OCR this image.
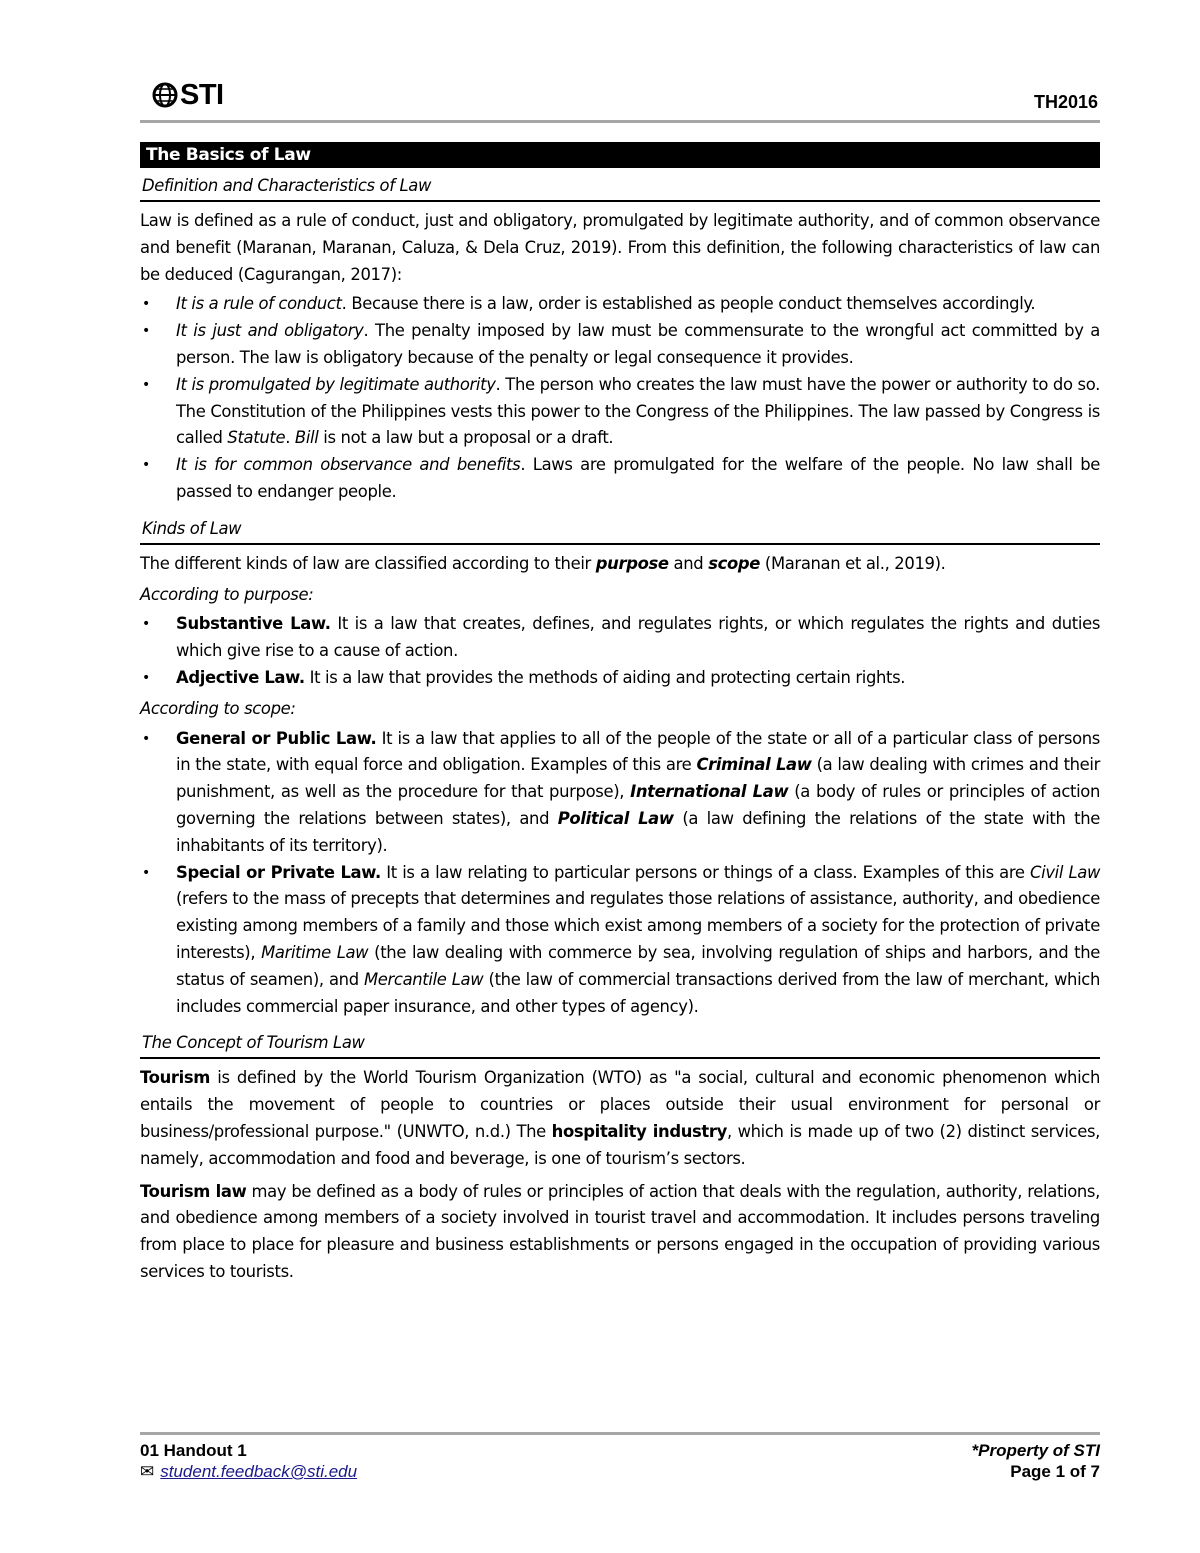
STI	TH2016
The Basics of Law
Definition and Characteristics of Law

Law is defined as a rule of conduct, just and obligatory, promulgated by legitimate authority, and of common observance and benefit (Maranan, Maranan, Caluza, & Dela Cruz, 2019). From this definition, the following characteristics of law can be deduced (Cagurangan, 2017):

• It is a rule of conduct. Because there is a law, order is established as people conduct themselves accordingly.
• It is just and obligatory. The penalty imposed by law must be commensurate to the wrongful act committed by a person. The law is obligatory because of the penalty or legal consequence it provides.
• It is promulgated by legitimate authority. The person who creates the law must have the power or authority to do so. The Constitution of the Philippines vests this power to the Congress of the Philippines. The law passed by Congress is called Statute. Bill is not a law but a proposal or a draft.
• It is for common observance and benefits. Laws are promulgated for the welfare of the people. No law shall be passed to endanger people.
Kinds of Law

The different kinds of law are classified according to their purpose and scope (Maranan et al., 2019).

According to purpose:
• Substantive Law. It is a law that creates, defines, and regulates rights, or which regulates the rights and duties which give rise to a cause of action.
• Adjective Law. It is a law that provides the methods of aiding and protecting certain rights.
According to scope:
• General or Public Law. It is a law that applies to all of the people of the state or all of a particular class of persons in the state, with equal force and obligation. Examples of this are Criminal Law (a law dealing with crimes and their punishment, as well as the procedure for that purpose), International Law (a body of rules or principles of action governing the relations between states), and Political Law (a law defining the relations of the state with the inhabitants of its territory).
• Special or Private Law. It is a law relating to particular persons or things of a class. Examples of this are Civil Law (refers to the mass of precepts that determines and regulates those relations of assistance, authority, and obedience existing among members of a family and those which exist among members of a society for the protection of private interests), Maritime Law (the law dealing with commerce by sea, involving regulation of ships and harbors, and the status of seamen), and Mercantile Law (the law of commercial transactions derived from the law of merchant, which includes commercial paper insurance, and other types of agency).
The Concept of Tourism Law

Tourism is defined by the World Tourism Organization (WTO) as "a social, cultural and economic phenomenon which entails the movement of people to countries or places outside their usual environment for personal or business/professional purpose." (UNWTO, n.d.) The hospitality industry, which is made up of two (2) distinct services, namely, accommodation and food and beverage, is one of tourism’s sectors.

Tourism law may be defined as a body of rules or principles of action that deals with the regulation, authority, relations, and obedience among members of a society involved in tourist travel and accommodation. It includes persons traveling from place to place for pleasure and business establishments or persons engaged in the occupation of providing various services to tourists.

01 Handout 1
✉ student.feedback@sti.edu
*Property of STI
Page 1 of 7
